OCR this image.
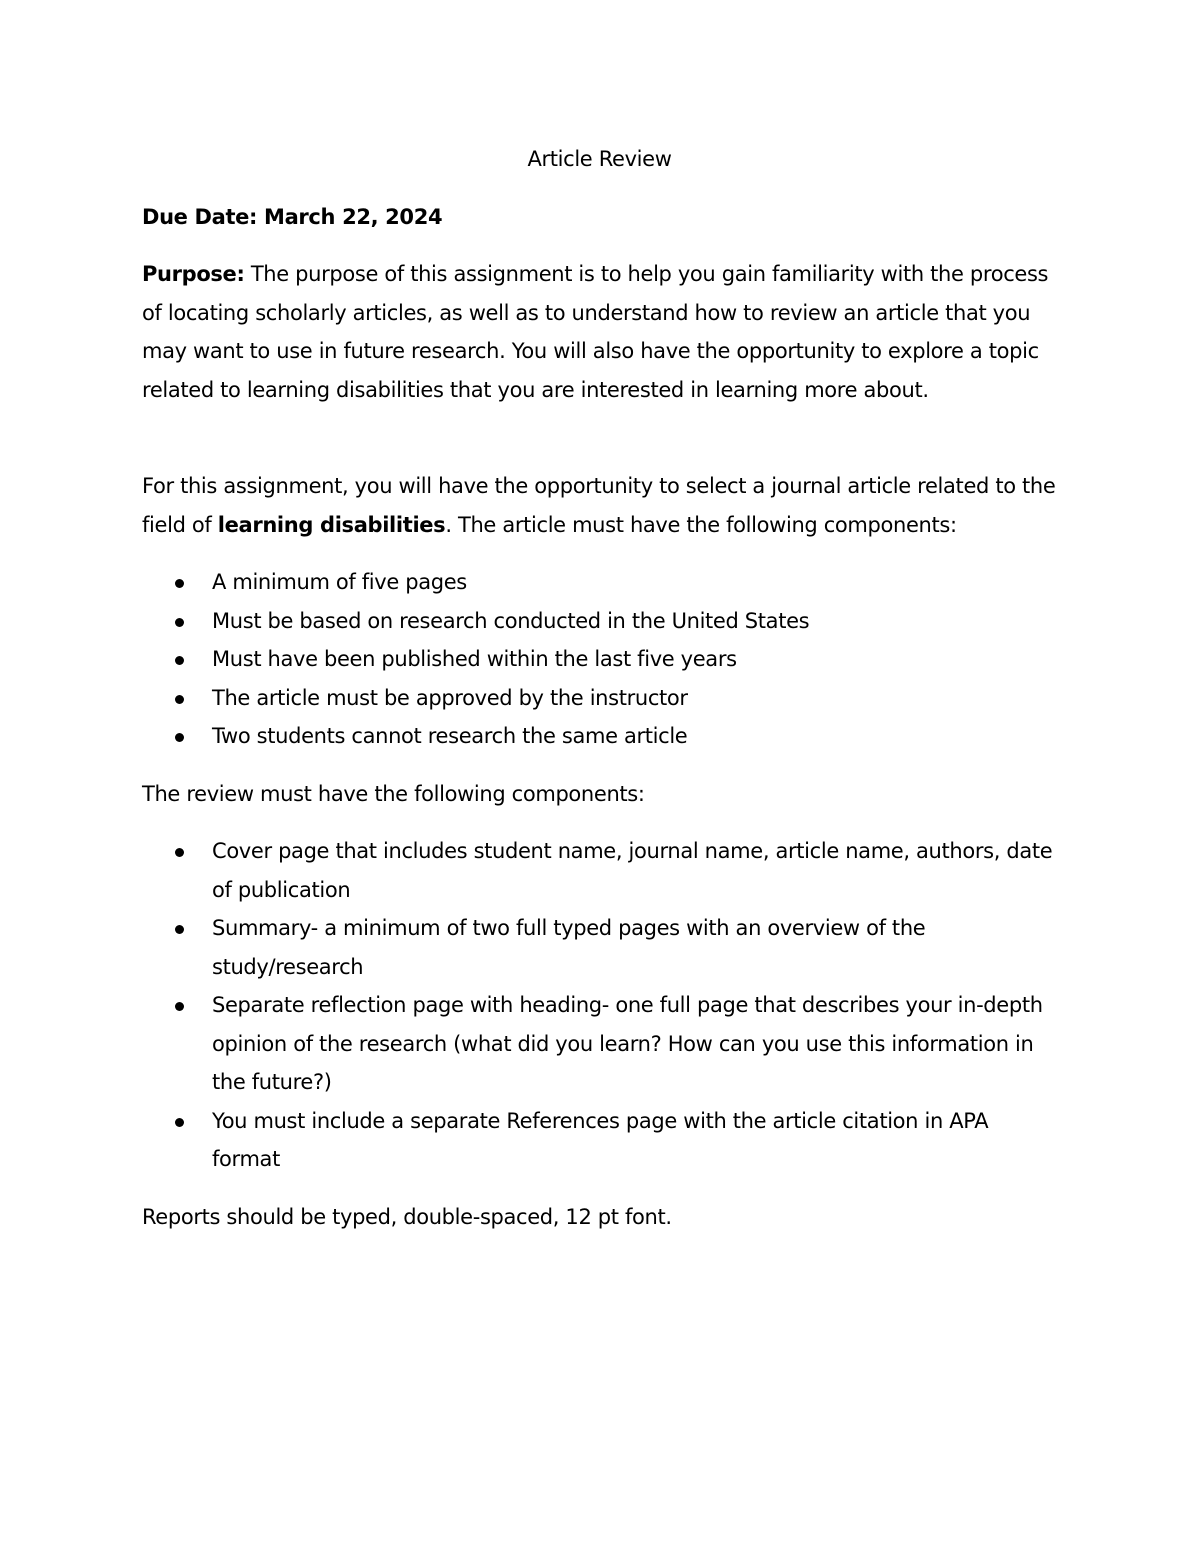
Article Review

Due Date: March 22, 2024

Purpose: The purpose of this assignment is to help you gain familiarity with the process of locating scholarly articles, as well as to understand how to review an article that you may want to use in future research. You will also have the opportunity to explore a topic related to learning disabilities that you are interested in learning more about.

For this assignment, you will have the opportunity to select a journal article related to the field of learning disabilities. The article must have the following components:

A minimum of five pages
Must be based on research conducted in the United States
Must have been published within the last five years
The article must be approved by the instructor
Two students cannot research the same article

The review must have the following components:

Cover page that includes student name, journal name, article name, authors, date of publication
Summary- a minimum of two full typed pages with an overview of the study/research
Separate reflection page with heading- one full page that describes your in-depth opinion of the research (what did you learn? How can you use this information in the future?)
You must include a separate References page with the article citation in APA format

Reports should be typed, double-spaced, 12 pt font.
